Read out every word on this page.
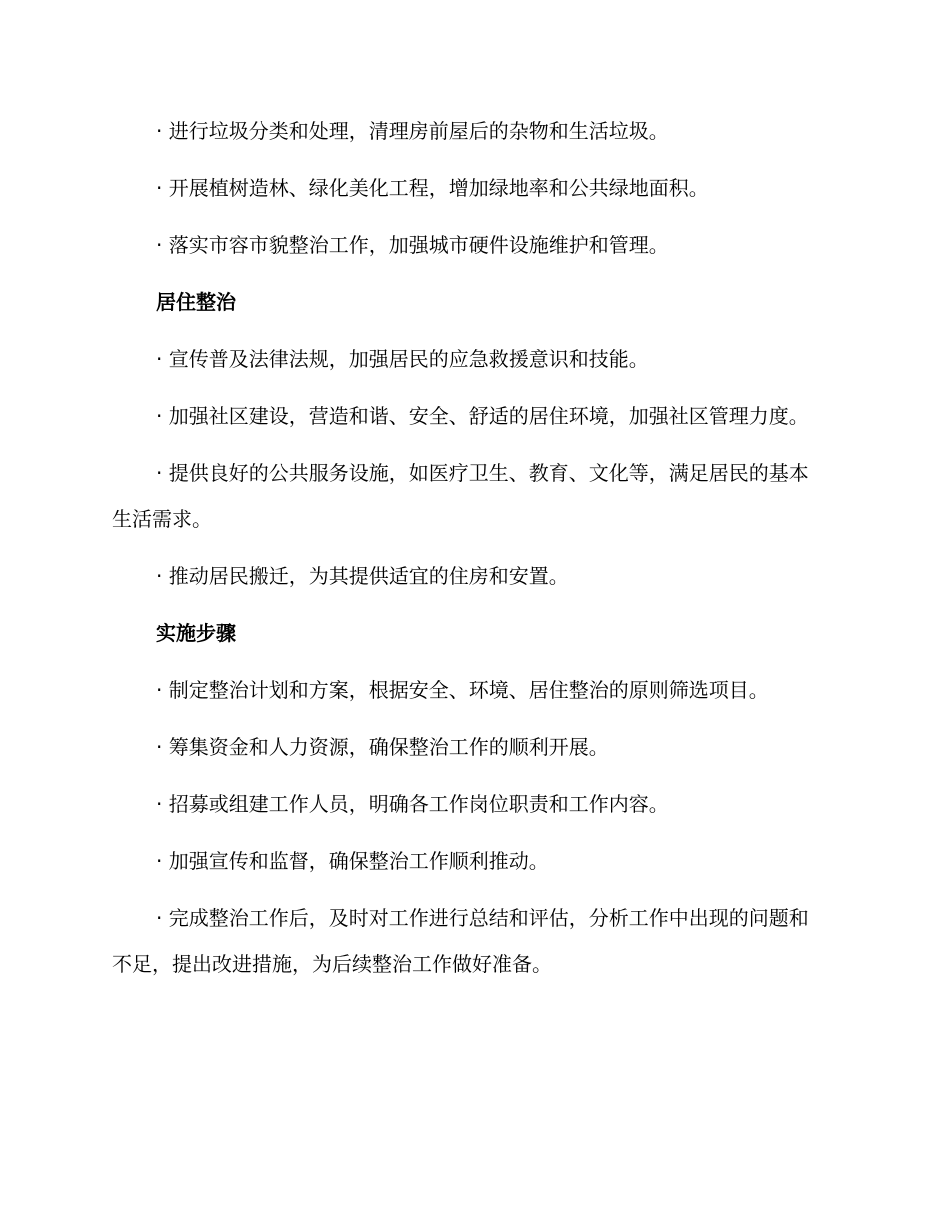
· 进行垃圾分类和处理，清理房前屋后的杂物和生活垃圾。

· 开展植树造林、绿化美化工程，增加绿地率和公共绿地面积。

· 落实市容市貌整治工作，加强城市硬件设施维护和管理。

居住整治

· 宣传普及法律法规，加强居民的应急救援意识和技能。

· 加强社区建设，营造和谐、安全、舒适的居住环境，加强社区管理力度。

· 提供良好的公共服务设施，如医疗卫生、教育、文化等，满足居民的基本生活需求。

· 推动居民搬迁，为其提供适宜的住房和安置。

实施步骤

· 制定整治计划和方案，根据安全、环境、居住整治的原则筛选项目。

· 筹集资金和人力资源，确保整治工作的顺利开展。

· 招募或组建工作人员，明确各工作岗位职责和工作内容。

· 加强宣传和监督，确保整治工作顺利推动。

· 完成整治工作后，及时对工作进行总结和评估，分析工作中出现的问题和不足，提出改进措施，为后续整治工作做好准备。
